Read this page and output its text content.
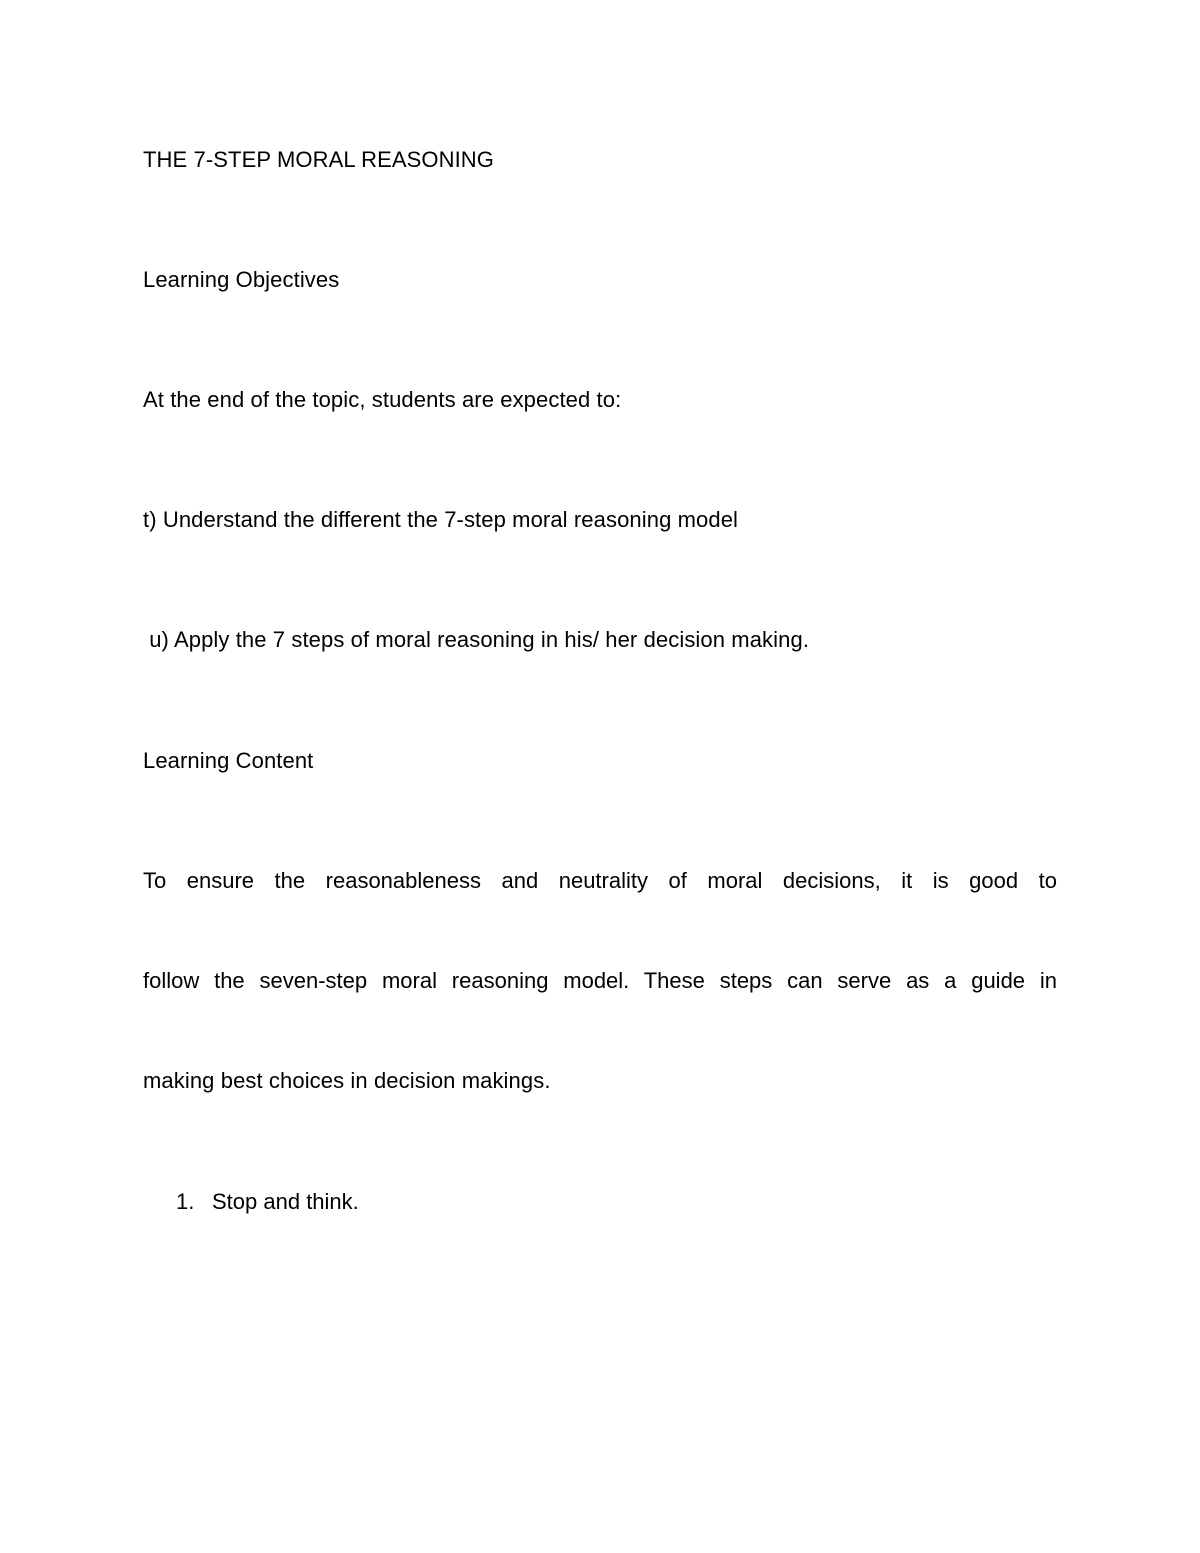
THE 7-STEP MORAL REASONING
Learning Objectives
At the end of the topic, students are expected to:
t) Understand the different the 7-step moral reasoning model
u) Apply the 7 steps of moral reasoning in his/ her decision making.
Learning Content
To ensure the reasonableness and neutrality of moral decisions, it is good to
follow the seven-step moral reasoning model. These steps can serve as a guide in
making best choices in decision makings.
1. Stop and think.
